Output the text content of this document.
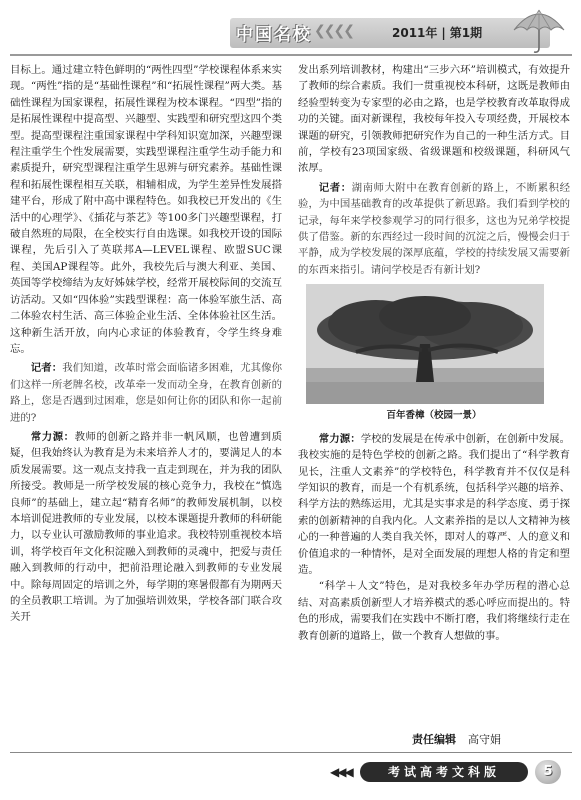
中国名校 ❮❮❮❮	2011年 | 第1期

目标上。通过建立特色鲜明的“两性四型”学校课程体系来实现。“两性”指的是“基础性课程”和“拓展性课程”两大类。基础性课程为国家课程，拓展性课程为校本课程。“四型”指的是拓展性课程中提高型、兴趣型、实践型和研究型这四个类型。提高型课程注重国家课程中学科知识宽加深，兴趣型课程注重学生个性发展需要，实践型课程注重学生动手能力和素质提升，研究型课程注重学生思辨与研究素养。基础性课程和拓展性课程相互关联，相辅相成，为学生差异性发展搭建平台，形成了附中高中课程特色。如我校已开发出的《生活中的心理学》、《插花与茶艺》等100多门兴趣型课程，打破自然班的局限，在全校实行自由选课。如我校开设的国际课程，先后引入了英联邦A—LEVEL课程、欧盟SUC课程、美国AP课程等。此外，我校先后与澳大利亚、美国、英国等学校缔结为友好姊妹学校，经常开展校际间的交流互访活动。又如“四体验”实践型课程：高一体验军旅生活、高二体验农村生活、高三体验企业生活、全体体验社区生活。这种新生活开放，向内心求证的体验教育，令学生终身难忘。

记者：我们知道，改革时常会面临诸多困难，尤其像你们这样一所老牌名校，改革牵一发而动全身，在教育创新的路上，您是否遇到过困难，您是如何让你的团队和你一起前进的?

常力源：教师的创新之路并非一帆风顺，也曾遭到质疑，但我始终认为教育是为未来培养人才的，要满足人的本质发展需要。这一观点支持我一直走到现在，并为我的团队所接受。教师是一所学校发展的核心竞争力，我校在“慎选良师”的基础上，建立起“精育名师”的教师发展机制，以校本培训促进教师的专业发展，以校本课题提升教师的科研能力，以专业认可激励教师的事业追求。我校特别重视校本培训，将学校百年文化积淀融入到教师的灵魂中，把爱与责任融入到教师的行动中，把前沿理论融入到教师的专业发展中。除每周固定的培训之外，每学期的寒暑假都有为期两天的全员教职工培训。为了加强培训效果，学校各部门联合攻关开

发出系列培训教材，构建出“三步六环”培训模式，有效提升了教师的综合素质。我们一贯重视校本科研，这既是教师由经验型转变为专家型的必由之路，也是学校教育改革取得成功的关键。面对新课程，我校每年投入专项经费，开展校本课题的研究，引领教师把研究作为自己的一种生活方式。目前，学校有23项国家级、省级课题和校级课题，科研风气浓厚。

记者：湖南师大附中在教育创新的路上，不断累积经验，为中国基础教育的改革提供了新思路。我们看到学校的记录，每年来学校参观学习的同行很多，这也为兄弟学校提供了借鉴。新的东西经过一段时间的沉淀之后，慢慢会归于平静，成为学校发展的深厚底蕴，学校的持续发展又需要新的东西来指引。请问学校是否有新计划?

百年香樟（校园一景）

常力源：学校的发展是在传承中创新，在创新中发展。我校实施的是特色学校的创新之路。我们提出了“科学教育见长，注重人文素养”的学校特色，科学教育并不仅仅是科学知识的教育，而是一个有机系统，包括科学兴趣的培养、科学方法的熟练运用，尤其是实事求是的科学态度、勇于探索的创新精神的自我内化。人文素养指的是以人文精神为核心的一种普遍的人类自我关怀，即对人的尊严、人的意义和价值追求的一种情怀，是对全面发展的理想人格的肯定和塑造。

“科学＋人文”特色，是对我校多年办学历程的潜心总结、对高素质创新型人才培养模式的悉心呼应而提出的。特色的形成，需要我们在实践中不断打磨，我们将继续行走在教育创新的道路上，做一个教育人想做的事。

责任编辑 高守娟
◀◀◀	考试高考文科版	5
